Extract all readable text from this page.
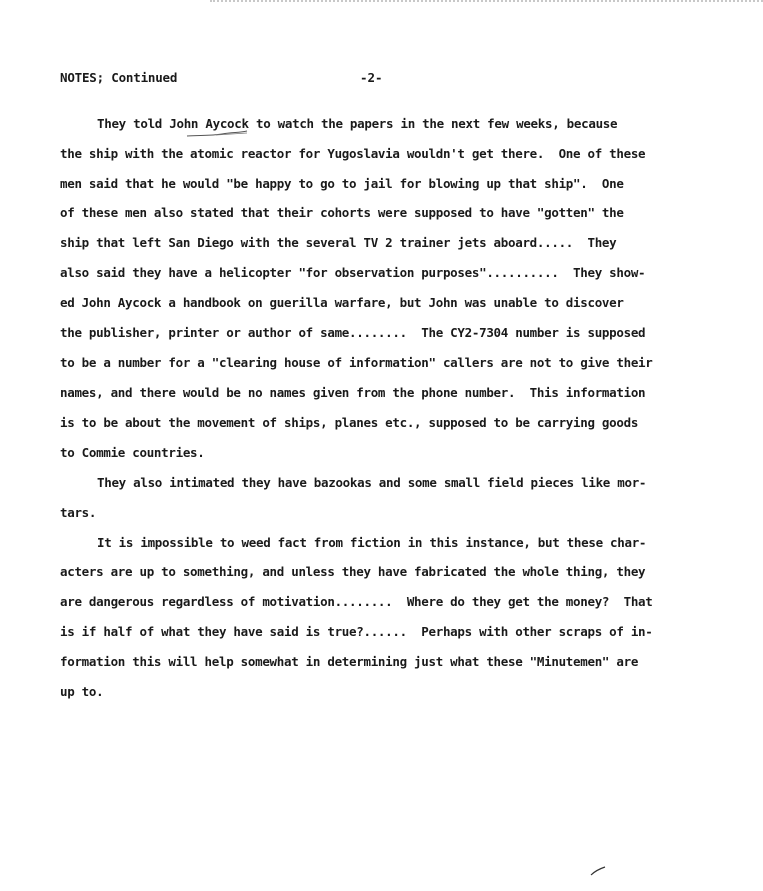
NOTES; Continued	-2-
They told John Aycock to watch the papers in the next few weeks, because
the ship with the atomic reactor for Yugoslavia wouldn't get there.  One of these
men said that he would "be happy to go to jail for blowing up that ship".  One
of these men also stated that their cohorts were supposed to have "gotten" the
ship that left San Diego with the several TV 2 trainer jets aboard.....  They
also said they have a helicopter "for observation purposes"..........  They show-
ed John Aycock a handbook on guerilla warfare, but John was unable to discover
the publisher, printer or author of same........  The CY2-7304 number is supposed
to be a number for a "clearing house of information" callers are not to give their
names, and there would be no names given from the phone number.  This information
is to be about the movement of ships, planes etc., supposed to be carrying goods
to Commie countries.
They also intimated they have bazookas and some small field pieces like mor-
tars.
It is impossible to weed fact from fiction in this instance, but these char-
acters are up to something, and unless they have fabricated the whole thing, they
are dangerous regardless of motivation........  Where do they get the money?  That
is if half of what they have said is true?......  Perhaps with other scraps of in-
formation this will help somewhat in determining just what these "Minutemen" are
up to.
